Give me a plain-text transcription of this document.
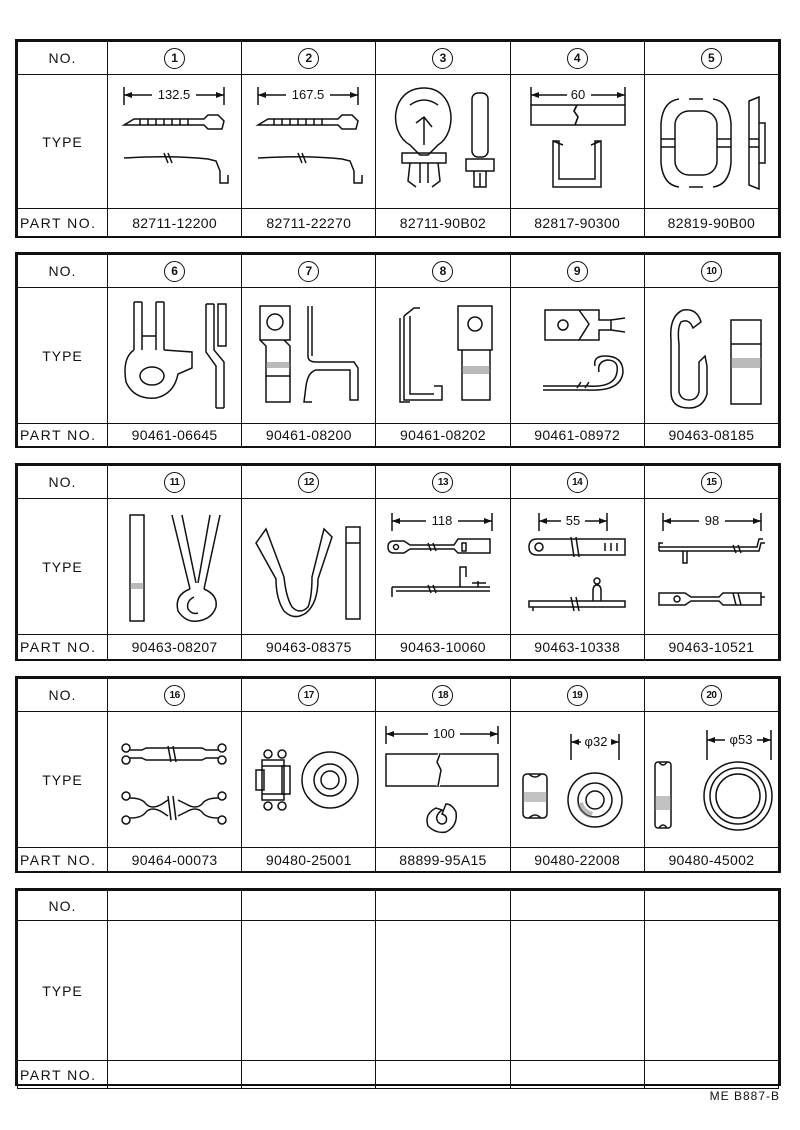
NO.	1	2	3	4	5
TYPE	132.5	167.5		60

PART NO.	82711-12200	82711-22270	82711-90B02	82817-90300	82819-90B00
NO.	6	7	8	9	10
TYPE	

PART NO.	90461-06645	90461-08200	90461-08202	90461-08972	90463-08185
NO.	11	12	13	14	15
TYPE			118	55	98

PART NO.	90463-08207	90463-08375	90463-10060	90463-10338	90463-10521
NO.	16	17	18	19	20
TYPE			100	φ32	φ53

PART NO.	90464-00073	90480-25001	88899-95A15	90480-22008	90480-45002
NO.					
TYPE					
PART NO.					
ME B887-B
